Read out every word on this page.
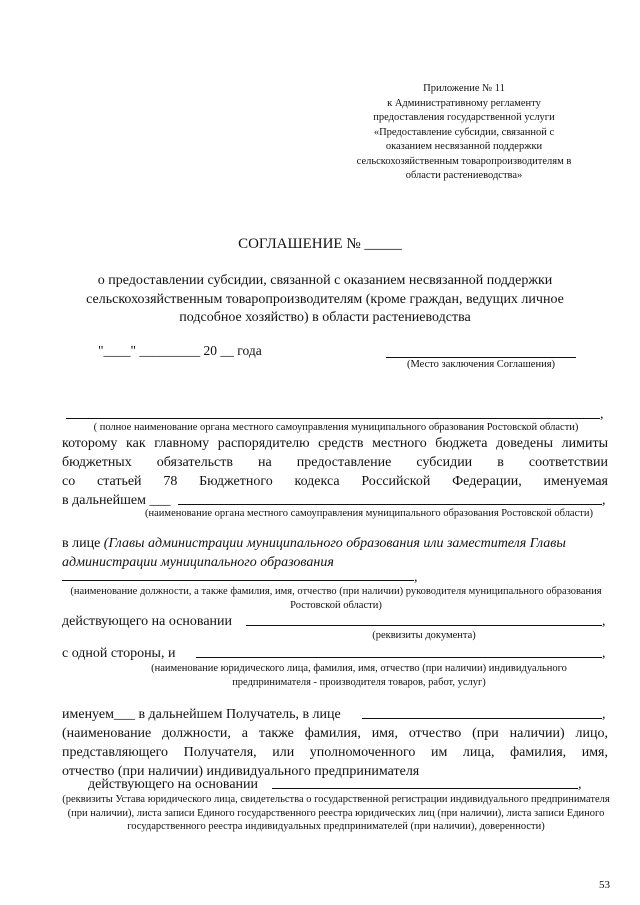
Приложение № 11
к Административному регламенту
предоставления государственной услуги
«Предоставление субсидии, связанной с
оказанием несвязанной поддержки
сельскохозяйственным товаропроизводителям в
области растениеводства»
СОГЛАШЕНИЕ № _____
о предоставлении субсидии, связанной с оказанием несвязанной поддержки
сельскохозяйственным товаропроизводителям (кроме граждан, ведущих личное
подсобное хозяйство) в области растениеводства
"____" _________ 20 __ года
(Место заключения Соглашения)
,
( полное наименование органа местного самоуправления муниципального образования Ростовской области)
которому как главному распорядителю средств местного бюджета доведены лимиты
бюджетных обязательств на предоставление субсидии в соответствии
со статьей 78 Бюджетного кодекса Российской Федерации, именуемая
в дальнейшем ___	,
(наименование органа местного самоуправления муниципального образования Ростовской области)
в лице (Главы администрации муниципального образования или заместителя Главы администрации муниципального образования
,
(наименование должности, а также фамилия, имя, отчество (при наличии) руководителя муниципального образования Ростовской области)
действующего на основании	,
(реквизиты документа)
с одной стороны, и	,
(наименование юридического лица, фамилия, имя, отчество (при наличии) индивидуального предпринимателя - производителя товаров, работ, услуг)
именуем___ в дальнейшем Получатель, в лице	,
(наименование должности, а также фамилия, имя, отчество (при наличии) лицо,
представляющего Получателя, или уполномоченного им лица, фамилия, имя,
отчество (при наличии) индивидуального предпринимателя
действующего на основании	,
(реквизиты Устава юридического лица, свидетельства о государственной регистрации индивидуального предпринимателя (при наличии), листа записи Единого государственного реестра юридических лиц (при наличии), листа записи Единого государственного реестра индивидуальных предпринимателей (при наличии), доверенности)
53
